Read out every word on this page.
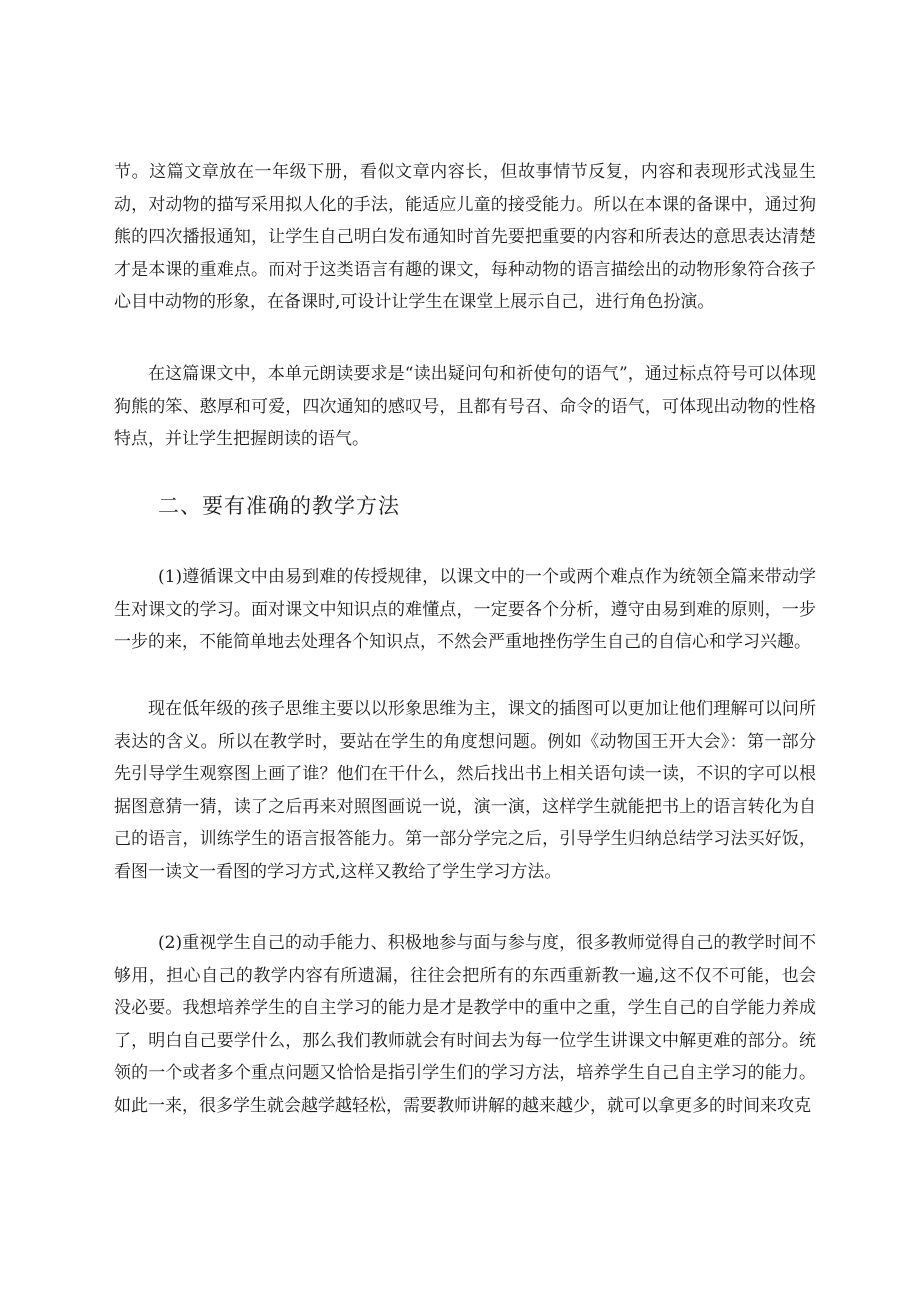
节。这篇文章放在一年级下册，看似文章内容长，但故事情节反复，内容和表现形式浅显生动，对动物的描写采用拟人化的手法，能适应儿童的接受能力。所以在本课的备课中，通过狗熊的四次播报通知，让学生自己明白发布通知时首先要把重要的内容和所表达的意思表达清楚才是本课的重难点。而对于这类语言有趣的课文，每种动物的语言描绘出的动物形象符合孩子心目中动物的形象，在备课时,可设计让学生在课堂上展示自己，进行角色扮演。

在这篇课文中，本单元朗读要求是“读出疑问句和祈使句的语气”，通过标点符号可以体现狗熊的笨、憨厚和可爱，四次通知的感叹号，且都有号召、命令的语气，可体现出动物的性格特点，并让学生把握朗读的语气。

二、要有准确的教学方法

(1)遵循课文中由易到难的传授规律，以课文中的一个或两个难点作为统领全篇来带动学生对课文的学习。面对课文中知识点的难懂点，一定要各个分析，遵守由易到难的原则，一步一步的来，不能简单地去处理各个知识点，不然会严重地挫伤学生自己的自信心和学习兴趣。

现在低年级的孩子思维主要以以形象思维为主，课文的插图可以更加让他们理解可以问所表达的含义。所以在教学时，要站在学生的角度想问题。例如《动物国王开大会》：第一部分先引导学生观察图上画了谁？他们在干什么，然后找出书上相关语句读一读，不识的字可以根据图意猜一猜，读了之后再来对照图画说一说，演一演，这样学生就能把书上的语言转化为自己的语言，训练学生的语言报答能力。第一部分学完之后，引导学生归纳总结学习法买好饭，看图一读文一看图的学习方式,这样又教给了学生学习方法。

(2)重视学生自己的动手能力、积极地参与面与参与度，很多教师觉得自己的教学时间不够用，担心自己的教学内容有所遗漏，往往会把所有的东西重新教一遍,这不仅不可能，也会没必要。我想培养学生的自主学习的能力是才是教学中的重中之重，学生自己的自学能力养成了，明白自己要学什么，那么我们教师就会有时间去为每一位学生讲课文中解更难的部分。统领的一个或者多个重点问题又恰恰是指引学生们的学习方法，培养学生自己自主学习的能力。如此一来，很多学生就会越学越轻松，需要教师讲解的越来越少，就可以拿更多的时间来攻克
